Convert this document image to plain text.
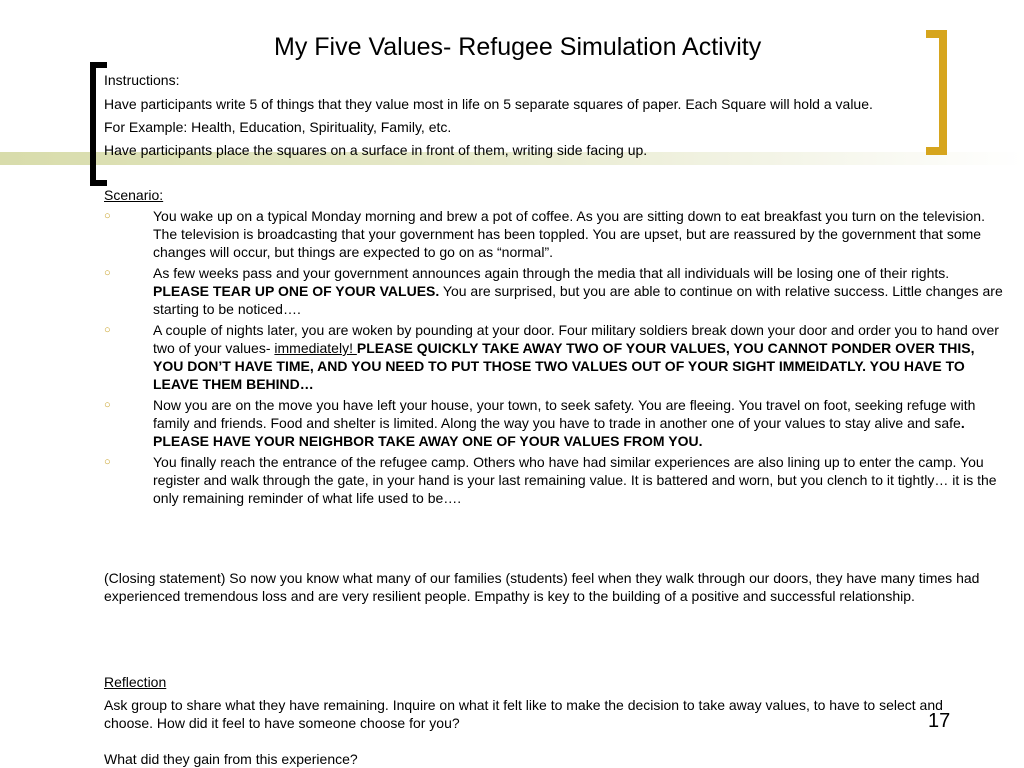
My Five Values- Refugee Simulation Activity
Instructions:
Have participants write 5 of things that they value most in life on 5 separate squares of paper. Each Square will hold a value.
For Example: Health, Education, Spirituality, Family, etc.
Have participants place the squares on a surface in front of them, writing side facing up.
Scenario:
○	You wake up on a typical Monday morning and brew a pot of coffee. As you are sitting down to eat breakfast you turn on the television. The television is broadcasting that your government has been toppled. You are upset, but are reassured by the government that some changes will occur, but things are expected to go on as “normal”.
○	As few weeks pass and your government announces again through the media that all individuals will be losing one of their rights. PLEASE TEAR UP ONE OF YOUR VALUES. You are surprised, but you are able to continue on with relative success. Little changes are starting to be noticed….
○	A couple of nights later, you are woken by pounding at your door. Four military soldiers break down your door and order you to hand over two of your values- immediately! PLEASE QUICKLY TAKE AWAY TWO OF YOUR VALUES, YOU CANNOT PONDER OVER THIS, YOU DON’T HAVE TIME, AND YOU NEED TO PUT THOSE TWO VALUES OUT OF YOUR SIGHT IMMEIDATLY. YOU HAVE TO LEAVE THEM BEHIND…
○	Now you are on the move you have left your house, your town, to seek safety. You are fleeing. You travel on foot, seeking refuge with family and friends. Food and shelter is limited. Along the way you have to trade in another one of your values to stay alive and safe. PLEASE HAVE YOUR NEIGHBOR TAKE AWAY ONE OF YOUR VALUES FROM YOU.
○	You finally reach the entrance of the refugee camp. Others who have had similar experiences are also lining up to enter the camp. You register and walk through the gate, in your hand is your last remaining value. It is battered and worn, but you clench to it tightly… it is the only remaining reminder of what life used to be….
(Closing statement) So now you know what many of our families (students) feel when they walk through our doors, they have many times had experienced tremendous loss and are very resilient people. Empathy is key to the building of a positive and successful relationship.
Reflection
Ask group to share what they have remaining. Inquire on what it felt like to make the decision to take away values, to have to select and choose. How did it feel to have someone choose for you?
What did they gain from this experience?
17
